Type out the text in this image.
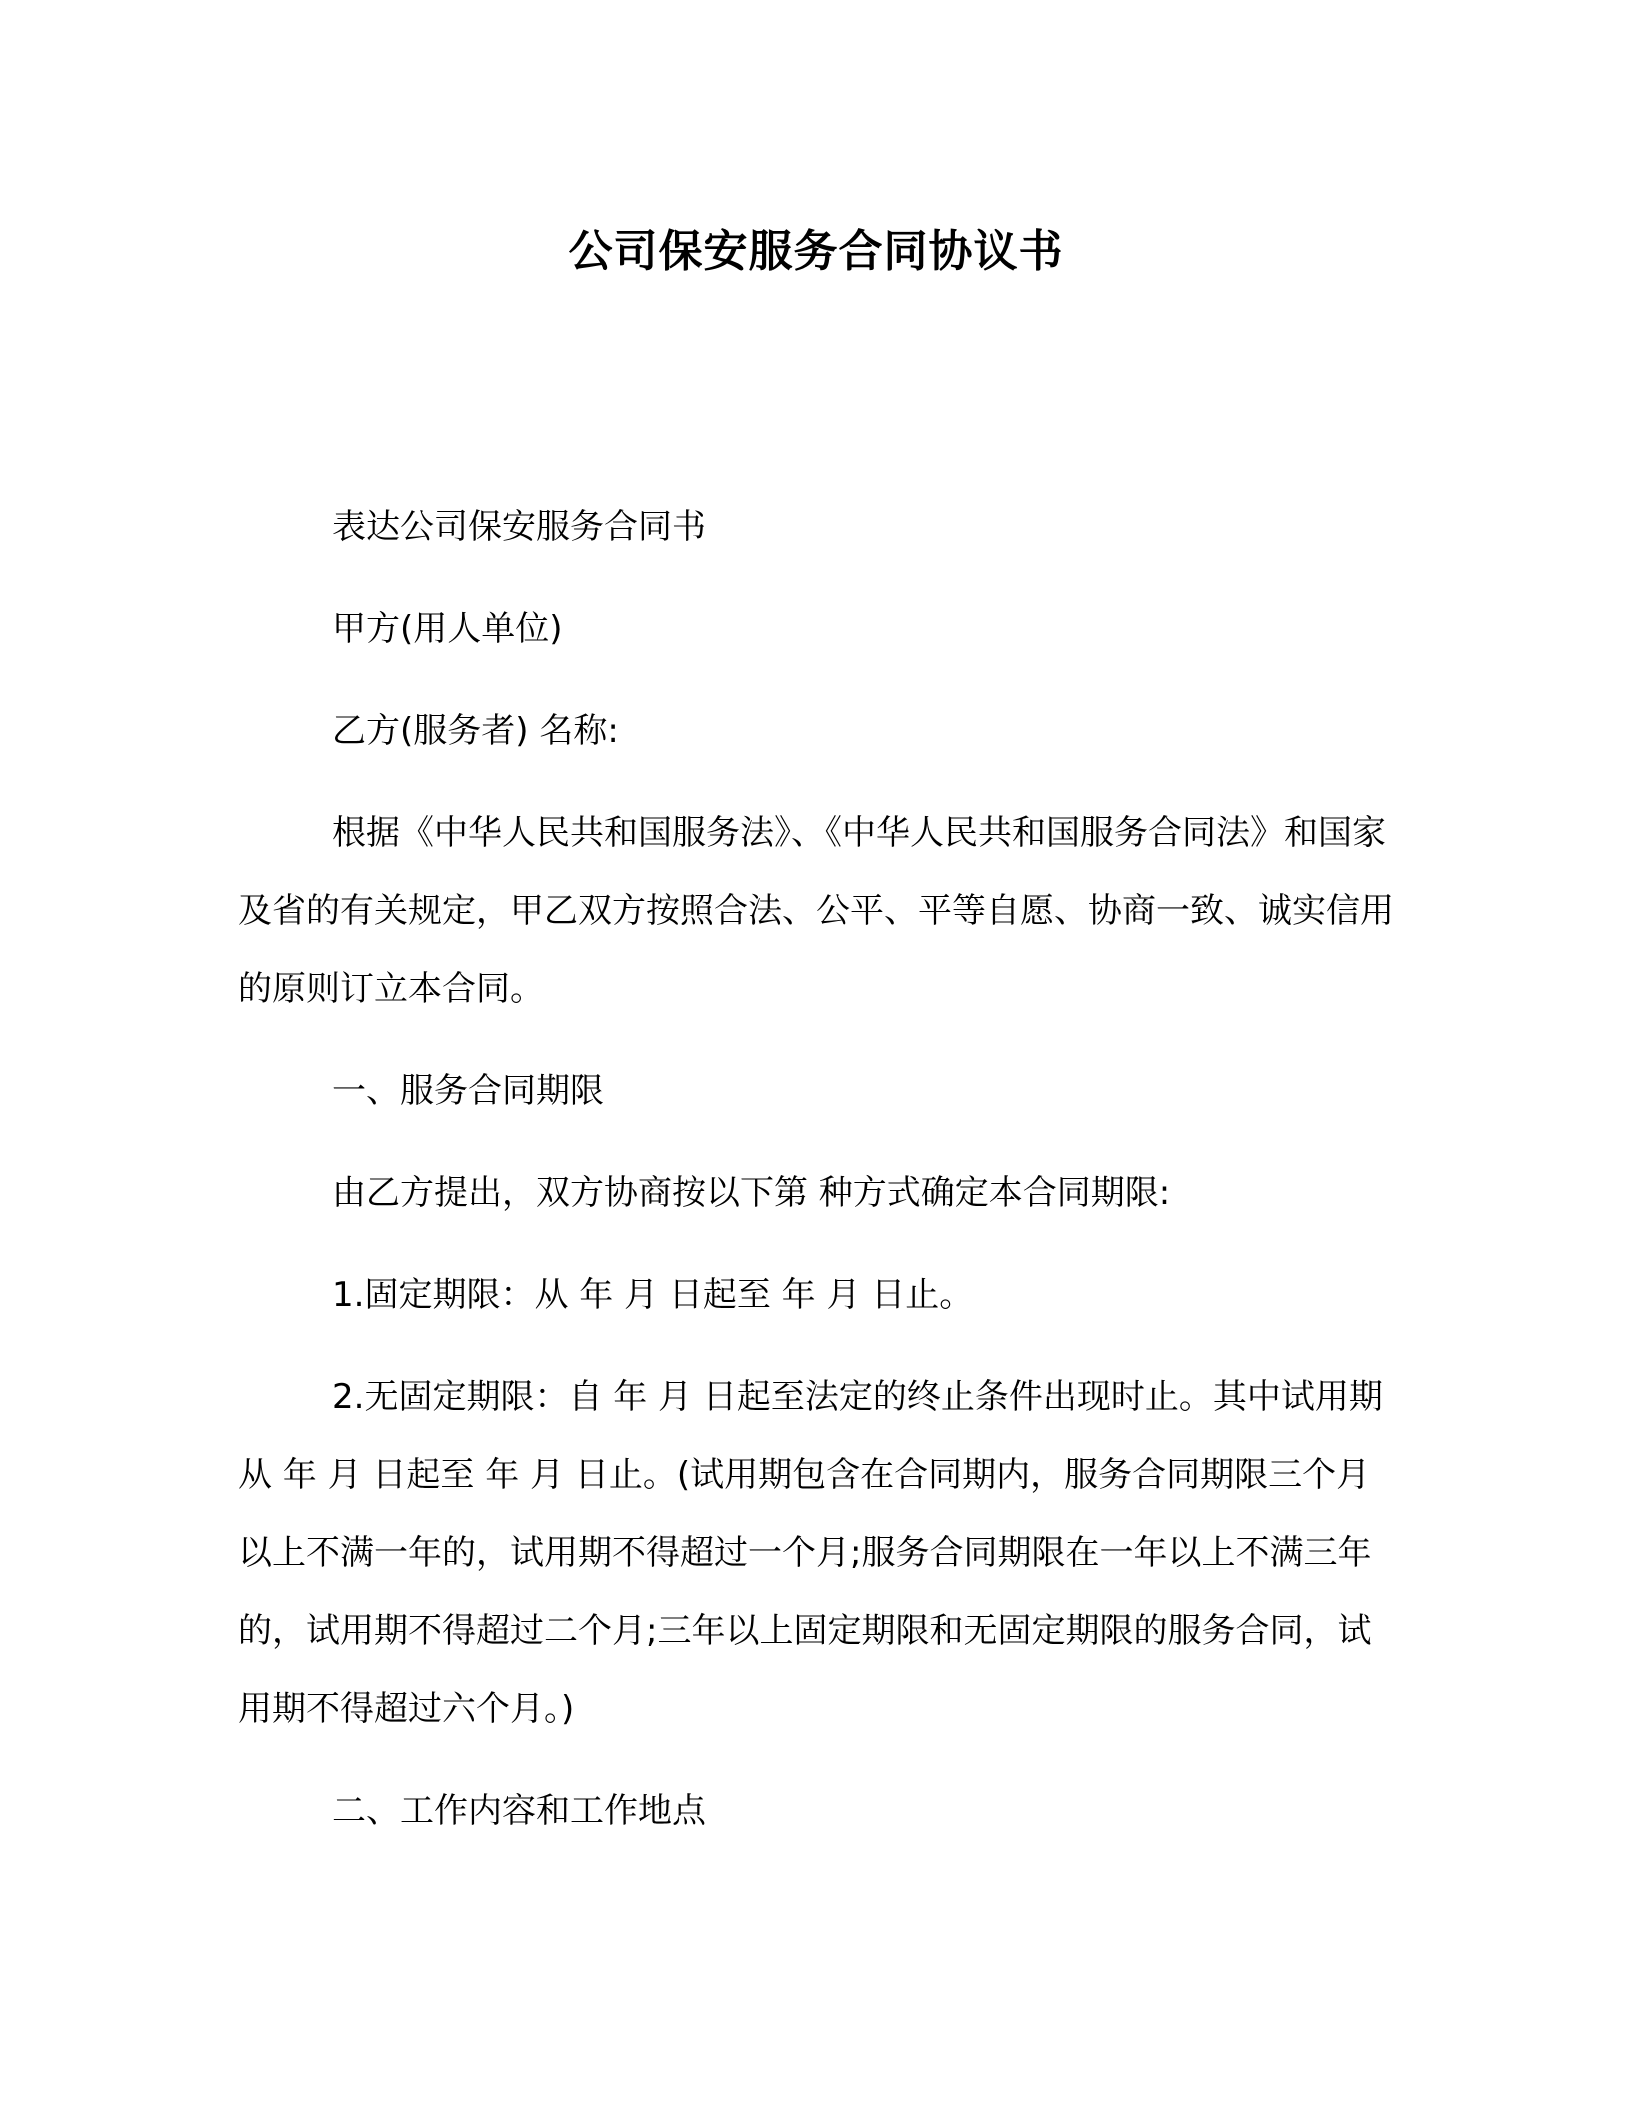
公司保安服务合同协议书

表达公司保安服务合同书

甲方(用人单位)

乙方(服务者) 名称:

根据《中华人民共和国服务法》、《中华人民共和国服务合同法》和国家及省的有关规定，甲乙双方按照合法、公平、平等自愿、协商一致、诚实信用的原则订立本合同。

一、服务合同期限

由乙方提出，双方协商按以下第 种方式确定本合同期限:

1.固定期限：从 年 月 日起至 年 月 日止。

2.无固定期限：自 年 月 日起至法定的终止条件出现时止。其中试用期从 年 月 日起至 年 月 日止。(试用期包含在合同期内，服务合同期限三个月以上不满一年的，试用期不得超过一个月;服务合同期限在一年以上不满三年的，试用期不得超过二个月;三年以上固定期限和无固定期限的服务合同，试用期不得超过六个月。)

二、工作内容和工作地点
